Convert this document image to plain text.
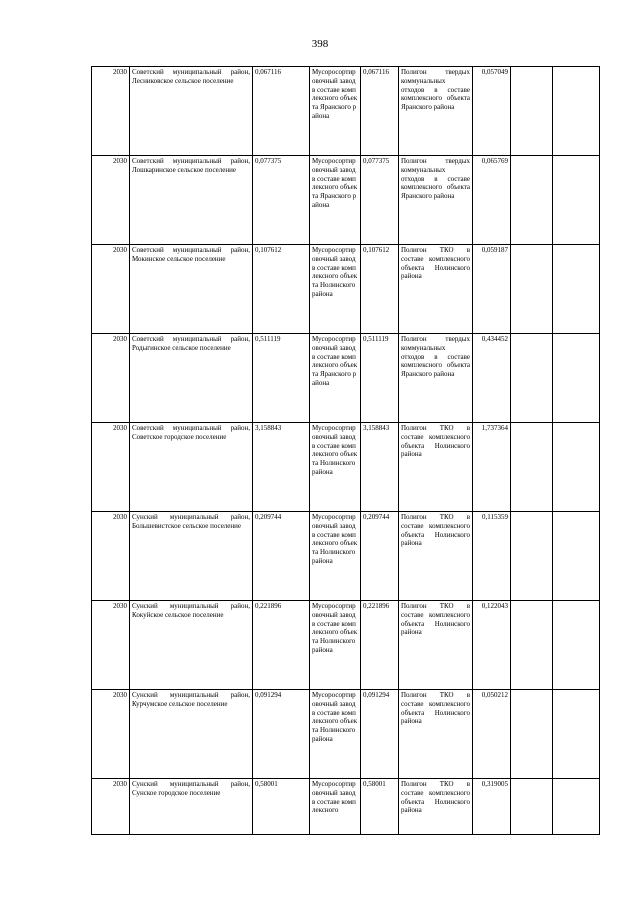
398
2030	Советский муниципальный район, Лесниковское сельское поселение	0,067116	Мусоросортировочный завод в составе комплексного объекта Яранского района	0,067116	Полигон твердых коммунальных отходов в составе комплексного объекта Яранского района	0,057049		
2030	Советский муниципальный район, Лошкаринское сельское поселение	0,077375	Мусоросортировочный завод в составе комплексного объекта Яранского района	0,077375	Полигон твердых коммунальных отходов в составе комплексного объекта Яранского района	0,065769		
2030	Советский муниципальный район, Мокинское сельское поселение	0,107612	Мусоросортировочный завод в составе комплексного объекта Нолинского района	0,107612	Полигон ТКО в составе комплексного объекта Нолинского района	0,059187		
2030	Советский муниципальный район, Родыгинское сельское поселение	0,511119	Мусоросортировочный завод в составе комплексного объекта Яранского района	0,511119	Полигон твердых коммунальных отходов в составе комплексного объекта Яранского района	0,434452		
2030	Советский муниципальный район, Советское городское поселение	3,158843	Мусоросортировочный завод в составе комплексного объекта Нолинского района	3,158843	Полигон ТКО в составе комплексного объекта Нолинского района	1,737364		
2030	Сунский муниципальный район, Большевистское сельское поселение	0,209744	Мусоросортировочный завод в составе комплексного объекта Нолинского района	0,209744	Полигон ТКО в составе комплексного объекта Нолинского района	0,115359		
2030	Сунский муниципальный район, Кокуйское сельское поселение	0,221896	Мусоросортировочный завод в составе комплексного объекта Нолинского района	0,221896	Полигон ТКО в составе комплексного объекта Нолинского района	0,122043		
2030	Сунский муниципальный район, Курчумское сельское поселение	0,091294	Мусоросортировочный завод в составе комплексного объекта Нолинского района	0,091294	Полигон ТКО в составе комплексного объекта Нолинского района	0,050212		
2030	Сунский муниципальный район, Сунское городское поселение	0,58001	Мусоросортировочный завод в составе комплексного	0,58001	Полигон ТКО в составе комплексного объекта Нолинского района	0,319005		
